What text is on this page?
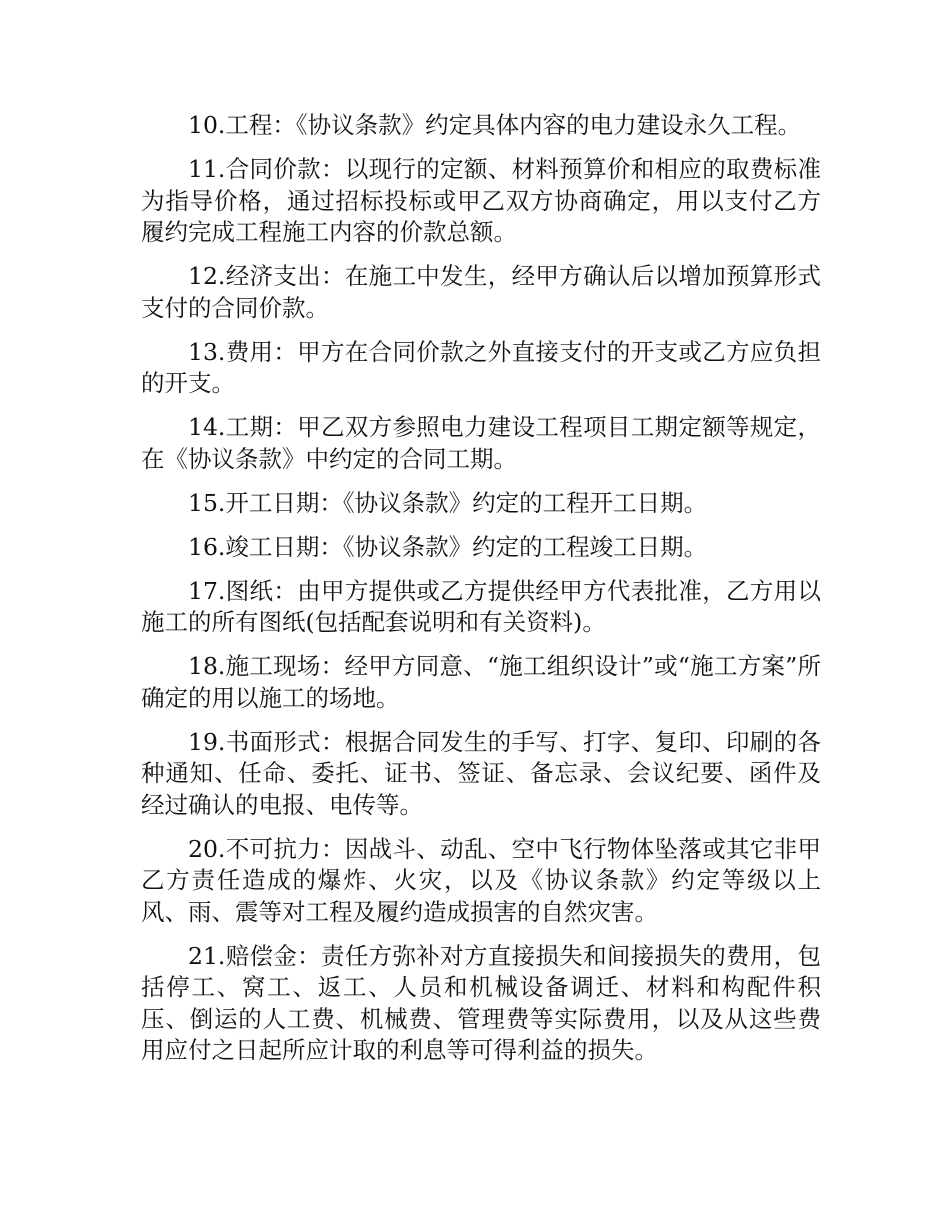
10.工程：《协议条款》约定具体内容的电力建设永久工程。

11.合同价款：以现行的定额、材料预算价和相应的取费标准为指导价格，通过招标投标或甲乙双方协商确定，用以支付乙方履约完成工程施工内容的价款总额。

12.经济支出：在施工中发生，经甲方确认后以增加预算形式支付的合同价款。

13.费用：甲方在合同价款之外直接支付的开支或乙方应负担的开支。

14.工期：甲乙双方参照电力建设工程项目工期定额等规定，在《协议条款》中约定的合同工期。

15.开工日期：《协议条款》约定的工程开工日期。

16.竣工日期：《协议条款》约定的工程竣工日期。

17.图纸：由甲方提供或乙方提供经甲方代表批准，乙方用以施工的所有图纸(包括配套说明和有关资料)。

18.施工现场：经甲方同意、“施工组织设计”或“施工方案”所确定的用以施工的场地。

19.书面形式：根据合同发生的手写、打字、复印、印刷的各种通知、任命、委托、证书、签证、备忘录、会议纪要、函件及经过确认的电报、电传等。

20.不可抗力：因战斗、动乱、空中飞行物体坠落或其它非甲乙方责任造成的爆炸、火灾，以及《协议条款》约定等级以上风、雨、震等对工程及履约造成损害的自然灾害。

21.赔偿金：责任方弥补对方直接损失和间接损失的费用，包括停工、窝工、返工、人员和机械设备调迁、材料和构配件积压、倒运的人工费、机械费、管理费等实际费用，以及从这些费用应付之日起所应计取的利息等可得利益的损失。
